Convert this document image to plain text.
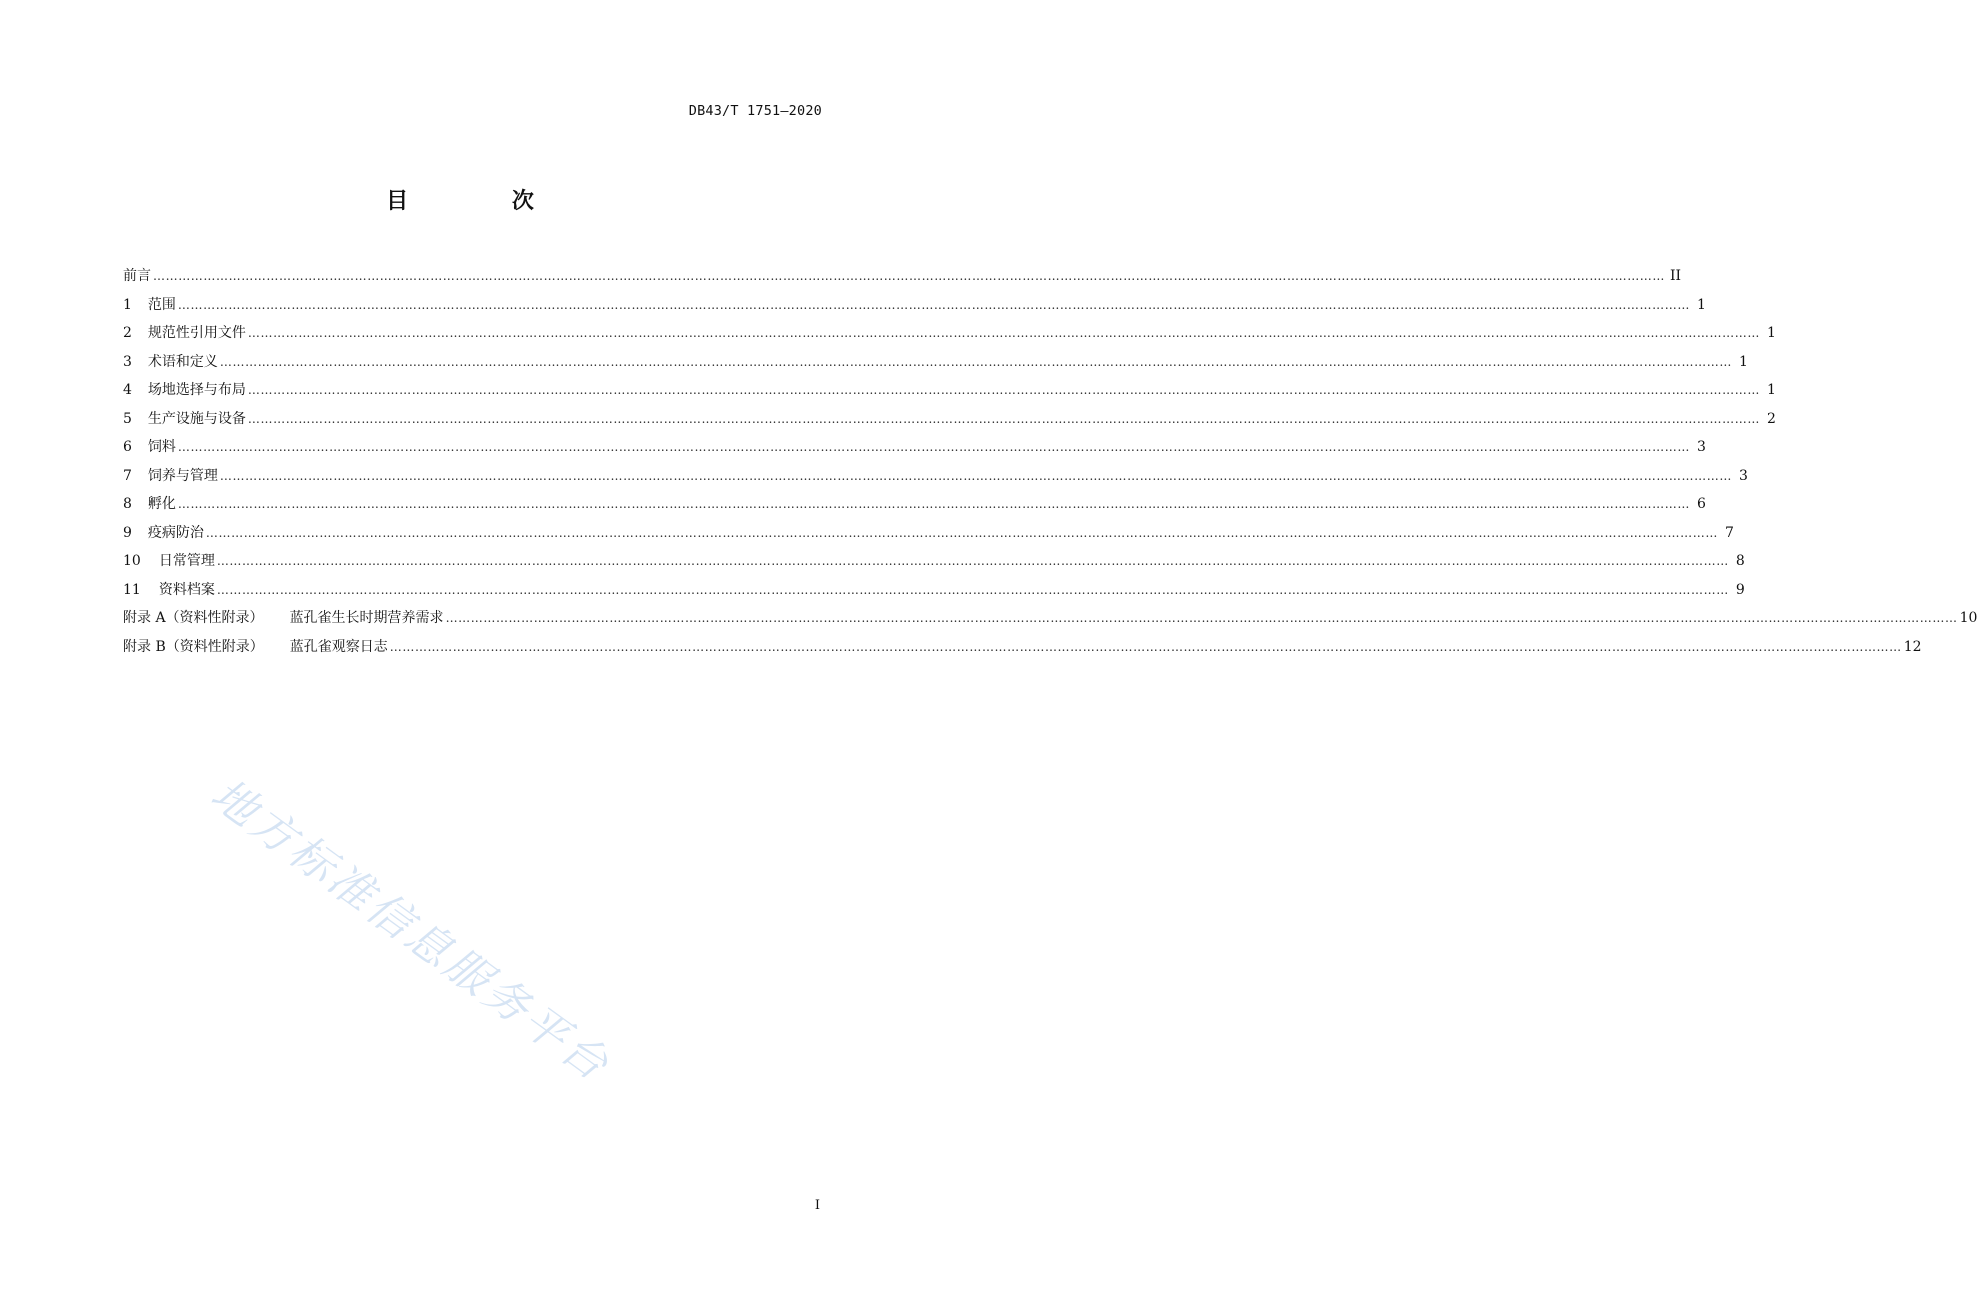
DB43/T 1751—2020
目 次
前言 ……………………………………………………………………………………………………………………………………………………………………………………………………………………………………………………………………………………………………………………………… II
1 范围 ……………………………………………………………………………………………………………………………………………………………………………………………………………………………………………………………………………………………………………………………… 1
2 规范性引用文件 ……………………………………………………………………………………………………………………………………………………………………………………………………………………………………………………………………………………………………………………………… 1
3 术语和定义 ……………………………………………………………………………………………………………………………………………………………………………………………………………………………………………………………………………………………………………………………… 1
4 场地选择与布局 ……………………………………………………………………………………………………………………………………………………………………………………………………………………………………………………………………………………………………………………………… 1
5 生产设施与设备 ……………………………………………………………………………………………………………………………………………………………………………………………………………………………………………………………………………………………………………………………… 2
6 饲料 ……………………………………………………………………………………………………………………………………………………………………………………………………………………………………………………………………………………………………………………………… 3
7 饲养与管理 ……………………………………………………………………………………………………………………………………………………………………………………………………………………………………………………………………………………………………………………………… 3
8 孵化 ……………………………………………………………………………………………………………………………………………………………………………………………………………………………………………………………………………………………………………………………… 6
9 疫病防治 ……………………………………………………………………………………………………………………………………………………………………………………………………………………………………………………………………………………………………………………………… 7
10 日常管理 ……………………………………………………………………………………………………………………………………………………………………………………………………………………………………………………………………………………………………………………………… 8
11 资料档案 ……………………………………………………………………………………………………………………………………………………………………………………………………………………………………………………………………………………………………………………………… 9
附录 A（资料性附录） 蓝孔雀生长时期营养需求 ……………………………………………………………………………………………………………………………………………………………………………………………………………………………………………………………………………………………………………………………… 10
附录 B（资料性附录） 蓝孔雀观察日志 ……………………………………………………………………………………………………………………………………………………………………………………………………………………………………………………………………………………………………………………………… 12
地方标准信息服务平台
I
